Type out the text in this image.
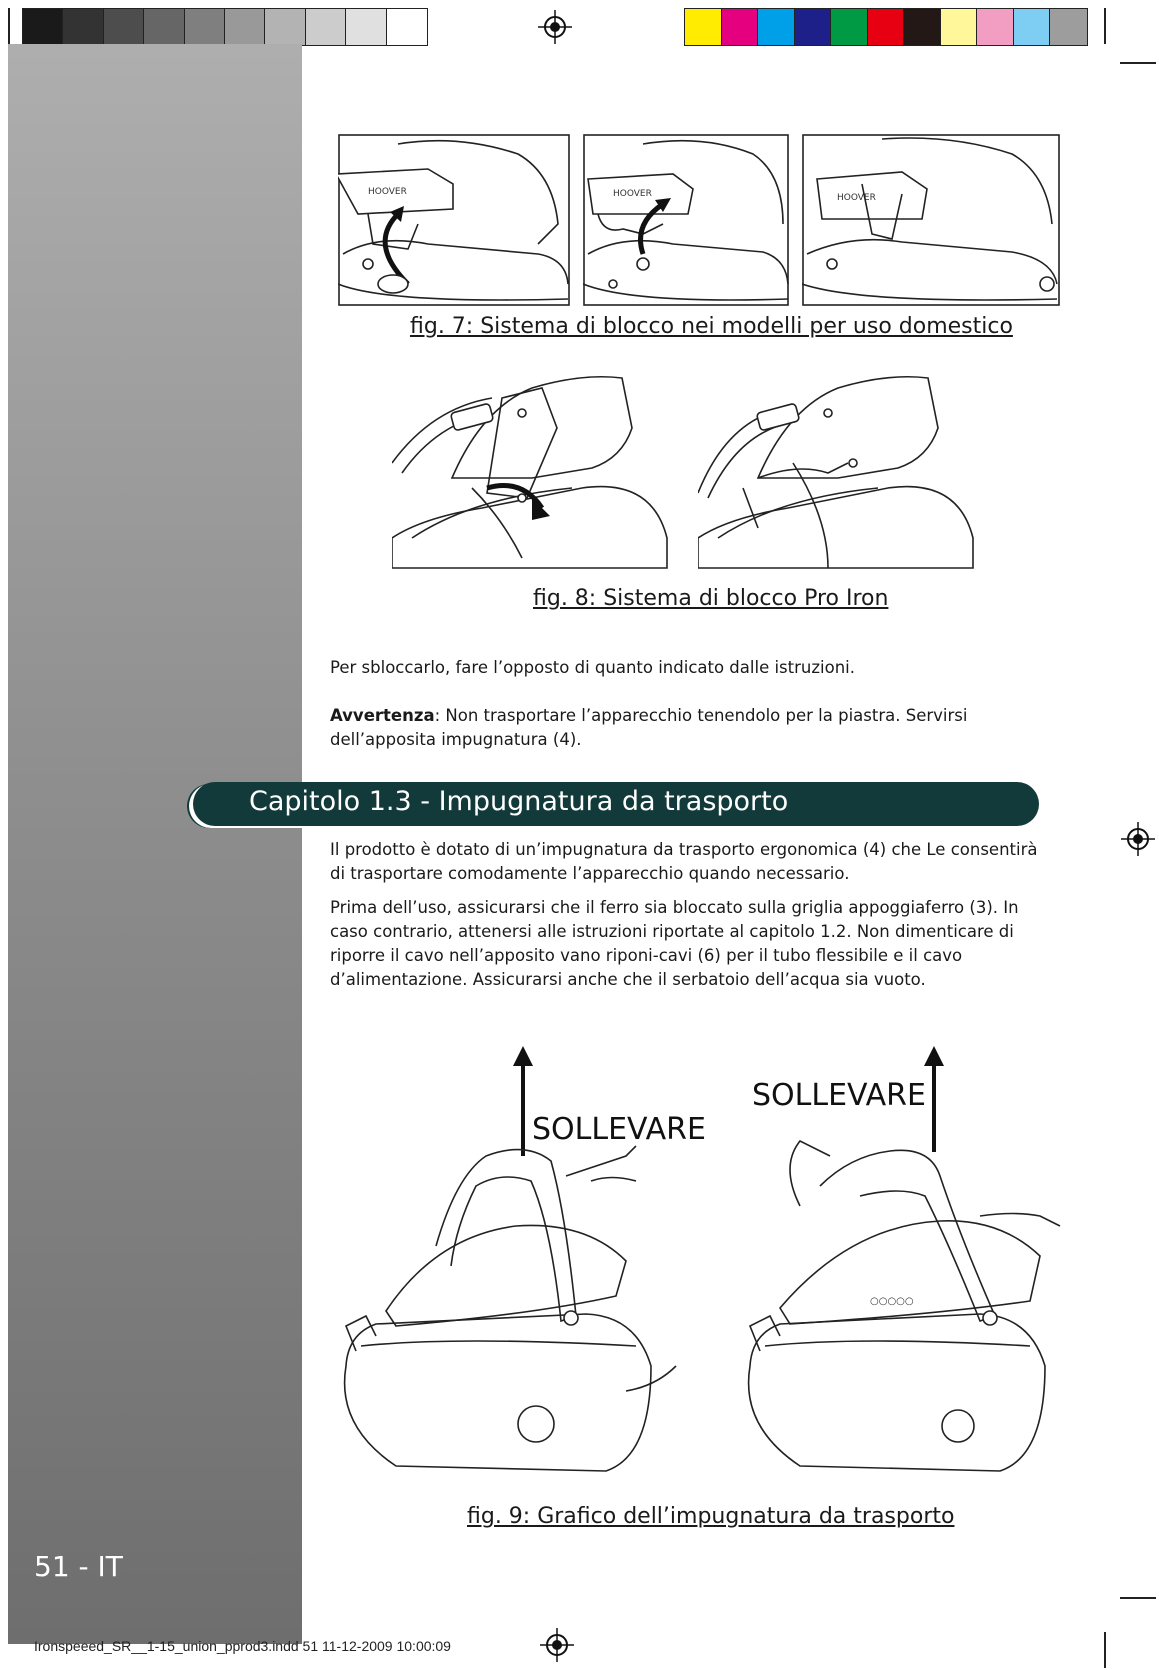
51 - IT
HOOVER	HOOVER	HOOVER
fig. 7: Sistema di blocco nei modelli per uso domestico
fig. 8: Sistema di blocco Pro Iron

Per sbloccarlo, fare l’opposto di quanto indicato dalle istruzioni.

Avvertenza: Non trasportare l’apparecchio tenendolo per la piastra. Servirsi dell’apposita impugnatura (4).

Capitolo 1.3 - Impugnatura da trasporto

Il prodotto è dotato di un’impugnatura da trasporto ergonomica (4) che Le consentirà di trasportare comodamente l’apparecchio quando necessario.

Prima dell’uso, assicurarsi che il ferro sia bloccato sulla griglia appoggiaferro (3). In caso contrario, attenersi alle istruzioni riportate al capitolo 1.2. Non dimenticare di riporre il cavo nell’apposito vano riponi-cavi (6) per il tubo flessibile e il cavo d’alimentazione. Assicurarsi anche che il serbatoio dell’acqua sia vuoto.

SOLLEVARE
○○○○○
SOLLEVARE
fig. 9: Grafico dell’impugnatura da trasporto
Ironspeeed_SR__1-15_union_pprod3.indd 51 11-12-2009 10:00:09
